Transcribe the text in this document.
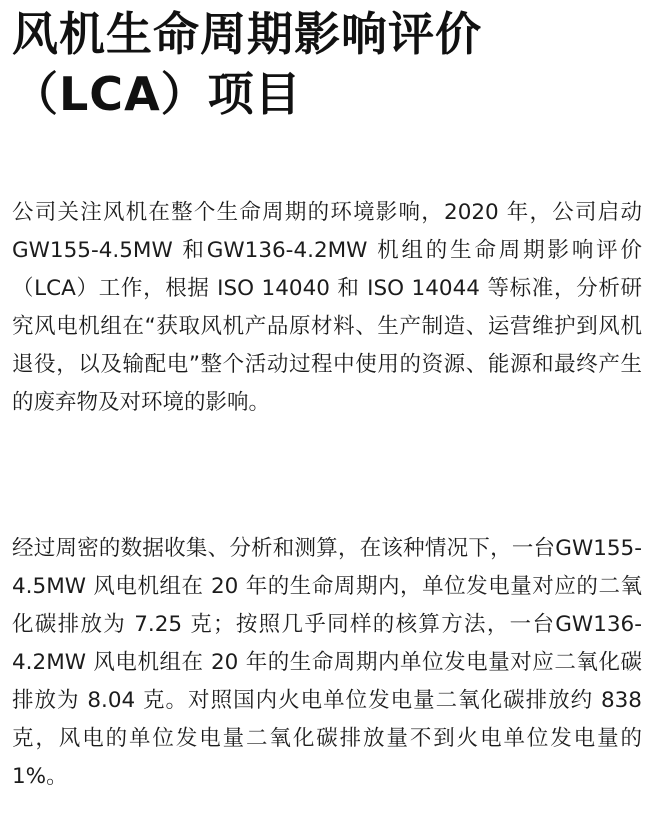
风机生命周期影响评价
（LCA）项目

公司关注风机在整个生命周期的环境影响，2020 年，公司启动GW155-4.5MW 和GW136-4.2MW 机组的生命周期影响评价（LCA）工作，根据 ISO 14040 和 ISO 14044 等标准，分析研究风电机组在“获取风机产品原材料、生产制造、运营维护到风机退役，以及输配电”整个活动过程中使用的资源、能源和最终产生的废弃物及对环境的影响。

经过周密的数据收集、分析和测算，在该种情况下，一台GW155-4.5MW 风电机组在 20 年的生命周期内，单位发电量对应的二氧化碳排放为 7.25 克；按照几乎同样的核算方法，一台GW136-4.2MW 风电机组在 20 年的生命周期内单位发电量对应二氧化碳排放为 8.04 克。对照国内火电单位发电量二氧化碳排放约 838克，风电的单位发电量二氧化碳排放量不到火电单位发电量的 1%。
